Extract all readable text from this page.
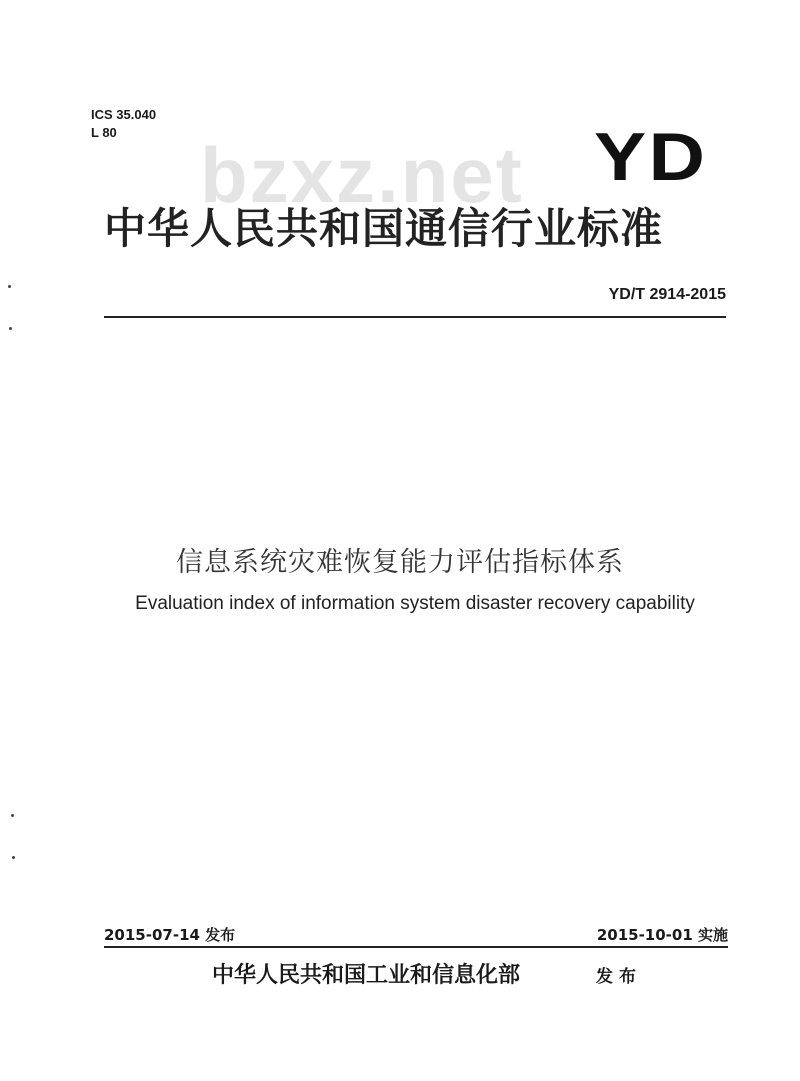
ICS 35.040
L 80	bzxz.net YD
中华人民共和国通信行业标准
YD/T 2914-2015
信息系统灾难恢复能力评估指标体系
Evaluation index of information system disaster recovery capability
2015-07-14 发布	2015-10-01 实施
中华人民共和国工业和信息化部	发布
